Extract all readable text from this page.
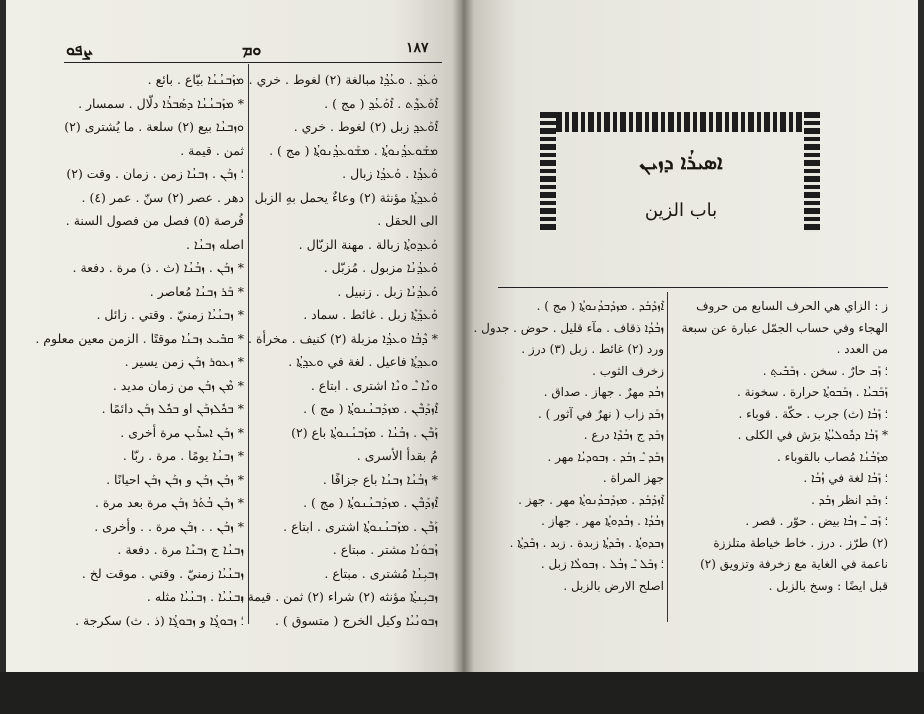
ܨܦܘ	ܘܡ	١٨٧
ܘܿܥܿܕ݂ . ܘܥܳܕ݂ܳܐ مبالغة (٢) لغوط . خري .
ܐܶܘܰܥܕ݂ܶܬ . ܐܶܘܰܥܳܕ݂ ( مج ) .
ܐܶܘܰܥܕ݂ زبل (٢) لغوط . خري .
ܡܫܰܘܥܕ݂ܳܢܘܬ݂ܳܐ . ܡܫܰܘܥܕ݂ܳܢܘܬ݂ܳܐ ( مج ) .
ܘܰܥܕ݂ܳܐ . ܘܰܥܕ݂ܳܐ زبال .
ܘܰܥܕ݂ܬ݂ܳܐ مؤنثة (٢) وعاءٌ يحمل بهِ الزبل
الى الحقل .
ܘܰܥܕ݂ܘܬ݂ܳܐ زبالة . مهنة الزبّال .
ܘܰܥܕ݂ܳܢܳܐ مزبول . مُزبّل .
ܘܰܥܕ݂ܳܢܳܐ زبل . زنبيل .
ܘܰܥܕ݂ܰܬ݂ܶܐ زبل . غائط . سماد .
* ܕܶܒܳܐ ܘܥܕ݂ܳܐ مزبلة (٢) كنيف . مخرأة .
ܘܥܕ݂ܬ݂ܳܐ فاعيل . لغة في ܘܥܕ݂ܬ݂ܳܐ .
ܘܢܶܐ ـܶ ܘܢܶܐ اشترى . ابتاع .
ܐܶܙܕܰܒܶܢ . ܡܙܕܰܒܢܳܢܘܬ݂ܳܐ ( مج ) .
ܙܰܒܶܢ . ܙܒܳܢܳܐ . ܡܙܰܒܢܳܢܘܬ݂ܳܐ باع (٢)
مُ بقدأ الأسرى .
* ܙܒܳܢܳܐ ܙܒܢܳܐ باع جزافًا .
ܐܶܙܕܰܒܶܢ . ܡܙܕܰܒܢܳܢܘܬ݂ܳܐ ( مج ) .
ܙܰܒܶܢ . ܡܙܰܒܢܳܢܘܬ݂ܳܐ اشترى . ابتاع .
ܙܳܒܘܿܢܳܐ مشتر . مبتاع .
ܙܒܝܼܢܳܐ مُشترى . مبتاع .
ܙܒܝܼܢܬ݂ܳܐ مؤنثه (٢) شراء (٢) ثمن . قيمة .
ܙܒܘܢܳܝܳܐ وكيل الخرج ( متسوق ) .
ܡܙܰܒܢܳܢܳܐ بيّاع . بائع .
* ܡܙܰܒܢܳܢܳܐ ܕܣܰܒܪܳܐ دلّال . سمسار .
ܘܙܒܢܳܐ بيع (٢) سلعة . ما يُشترى (٢)
ثمن . قيمة .
؛ ܙܒܰܢ . ܙܒܢܳܐ زمن . زمان . وقت (٢)
دهر . عصر (٢) سنّ . عمر (٤) .
فُرصة (٥) فصل من فصول السنة .
اصله ܙܒܢܳܐ .
* ܙܒܰܢ . ܙܒܳܢܳܐ (ث . ذ) مرة . دفعة .
* ܒܰܪ ܙܒܢܳܐ مُعاصر .
* ܙܒܢܳܝܳܐ زمنيّ . وقتي . زائل .
* ܩܒܺܝܥ ܙܒܢܳܐ موقتًا . الزمن معين معلوم .
* ܙܥܘܪ ܙܒܰܢ زمن يسير .
* ܡܶܢ ܙܒܰܢ من زمان مديد .
* ܒܟܽܠܙܒܰܢ او ܒܟܽܠ ܙܒܰܢ دائمًا .
* ܙܒܰܢ ܐܚܪܺܝܢ مرة أخرى .
* ܙܒܢܳܐ يومًا . مرة . ربّا .
* ܙܒܰܢ ܙܒܰܢ و ܙܒܰܢ ܙܒܰܢ احيانًا .
* ܙܒܰܢ ܒܳܬܰܪ ܙܒܰܢ مرة بعد مرة .
* ܙܒܰܢ . . ܙܒܰܢ مرة . . وأخرى .
ܙܒܢܳܐ ج ܙܒܢܶܐ مرة . دفعة .
ܙܒܢܳܝܳܐ زمنيّ . وقتي . موقت لخ .
ܙܒܢܳܝܳܐ . ܙܒܢܳܝܳܐ مثله .
؛ ܙܒܘܓ݂ܳܐ و ܙܒܘܓ݂ܳܐ (ذ . ث) سكرجة .
ܐܣܝܪܳܐ ܕܙܝܢ
باب الزين
ز : الزاي هي الحرف السابع من حروف
الهجاء وفي حساب الجمّل عبارة عن سبعة
من العدد .
؛ ܙܰܒ حارٌ . سخن . ܙܒܰܒܺܝܬ݂ .
ܙܰܒܰܒܝܳܐ . ܙܒܰܒܘܬ݂ܳܐ حرارة . سخونة .
؛ ܙܰܒܳܐ (ث) جرب . حكّة . قوباء .
* ܙܰܒܳܐ ܕܟܽܘܠܝܳܬ݂ܳܐ برَش في الكلى .
ܡܙܰܒܳܢܳܐ مُصاب بالقوباء .
؛ ܙܰܒܳܐ لغة في ܙܳܒܳܐ .
؛ ܙܒܰܕ انظر ܙܒܰܕ .
؛ ܙܰܒ ـܶ ܙܒܳܐ بيض . حوّر . قصر .
(٢) طرّز . درز . خاط خياطة متلززة
ناعمة في الغاية مع زخرفة وتزويق (٢)
قبل ايضًا : وسخ بالزبل .
ܐܶܙܕܰܒܰܕ . ܡܙܕܰܒܕܳܢܘܬ݂ܳܐ ( مج ) .
ܙܒܳܕܳܐ ذقاف . مآء قليل . حوض . جدول .
ورد (٢) غائط . زبل (٣) درز .
زخرف الثوب .
ܙܒܳܕ مهرٌ . جهاز . صداق .
ܙܒܰܕ زاب ( نهرٌ في آثور ) .
ܙܒܰܕ ج ܙܒܳܕܶܐ درع .
ܙܒܰܕ ـܶ ܙܒܰܕ . ܙܒܘܕܝܳܐ مهر .
جهز المراة .
ܐܶܙܕܰܒܰܕ . ܡܙܕܰܒܕܳܢܘܬ݂ܳܐ مهر . جهز .
ܙܒܳܕܳܐ . ܙܒܳܕܘܬ݂ܳܐ مهر . جهاز .
ܙܒܕܘܬ݂ܳܐ . ܙܒܶܕܬ݂ܳܐ زبدة . زبد . ܙܒܶܕܬ݂ܳܐ .
؛ ܙܒܰܠ ـܶ ܙܒܳܠ . ܙܒܘܠܳܐ زبل .
اصلح الارض بالزبل .
